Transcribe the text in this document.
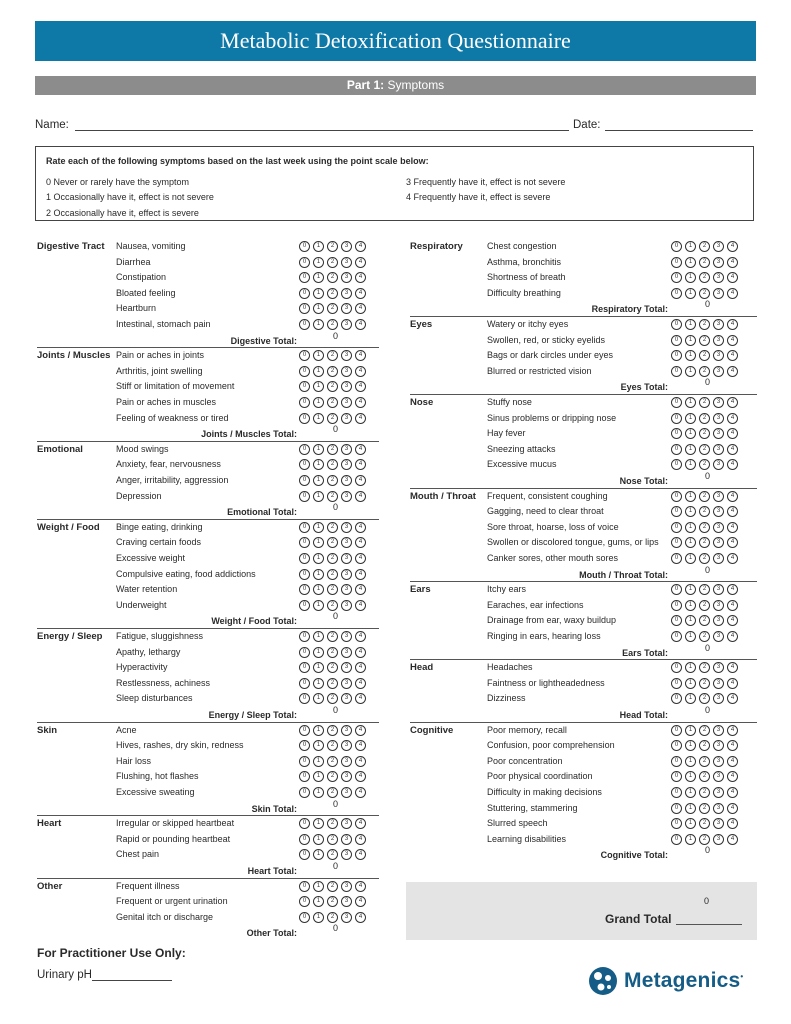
Metabolic Detoxification Questionnaire
Part 1: Symptoms
Name:	Date:
Rate each of the following symptoms based on the last week using the point scale below:
0 Never or rarely have the symptom
1 Occasionally have it, effect is not severe
2 Occasionally have it, effect is severe
3 Frequently have it, effect is not severe
4 Frequently have it, effect is severe
Digestive Tract Nausea, vomiting	0	1	2	3	4
Diarrhea	0	1	2	3	4
Constipation	0	1	2	3	4
Bloated feeling	0	1	2	3	4
Heartburn	0	1	2	3	4
Intestinal, stomach pain	0	1	2	3	4
Digestive Total:	0
Joints / Muscles Pain or aches in joints	0	1	2	3	4
Arthritis, joint swelling	0	1	2	3	4
Stiff or limitation of movement	0	1	2	3	4
Pain or aches in muscles	0	1	2	3	4
Feeling of weakness or tired	0	1	2	3	4
Joints / Muscles Total:	0
Emotional	Mood swings	0	1	2	3	4
Anxiety, fear, nervousness	0	1	2	3	4
Anger, irritability, aggression	0	1	2	3	4
Depression	0	1	2	3	4
Emotional Total:	0
Weight / Food Binge eating, drinking	0	1	2	3	4
Craving certain foods	0	1	2	3	4
Excessive weight	0	1	2	3	4
Compulsive eating, food addictions	0	1	2	3	4
Water retention	0	1	2	3	4
Underweight	0	1	2	3	4
Weight / Food Total:	0
Energy / Sleep Fatigue, sluggishness	0	1	2	3	4
Apathy, lethargy	0	1	2	3	4
Hyperactivity	0	1	2	3	4
Restlessness, achiness	0	1	2	3	4
Sleep disturbances	0	1	2	3	4
Energy / Sleep Total:	0
Skin	Acne	0	1	2	3	4
Hives, rashes, dry skin, redness	0	1	2	3	4
Hair loss	0	1	2	3	4
Flushing, hot flashes	0	1	2	3	4
Excessive sweating	0	1	2	3	4
Skin Total:	0
Heart	Irregular or skipped heartbeat	0	1	2	3	4
Rapid or pounding heartbeat	0	1	2	3	4
Chest pain	0	1	2	3	4
Heart Total:	0
Other	Frequent illness	0	1	2	3	4
Frequent or urgent urination	0	1	2	3	4
Genital itch or discharge	0	1	2	3	4
Other Total:	0
Respiratory	Chest congestion	0	1	2	3	4
Asthma, bronchitis	0	1	2	3	4
Shortness of breath	0	1	2	3	4
Difficulty breathing	0	1	2	3	4
Respiratory Total:	0
Eyes	Watery or itchy eyes	0	1	2	3	4
Swollen, red, or sticky eyelids	0	1	2	3	4
Bags or dark circles under eyes	0	1	2	3	4
Blurred or restricted vision	0	1	2	3	4
Eyes Total:	0
Nose	Stuffy nose	0	1	2	3	4
Sinus problems or dripping nose	0	1	2	3	4
Hay fever	0	1	2	3	4
Sneezing attacks	0	1	2	3	4
Excessive mucus	0	1	2	3	4
Nose Total:	0
Mouth / Throat Frequent, consistent coughing	0	1	2	3	4
Gagging, need to clear throat	0	1	2	3	4
Sore throat, hoarse, loss of voice	0	1	2	3	4
Swollen or discolored tongue, gums, or lips	0	1	2	3	4
Canker sores, other mouth sores	0	1	2	3	4
Mouth / Throat Total:	0
Ears	Itchy ears	0	1	2	3	4
Earaches, ear infections	0	1	2	3	4
Drainage from ear, waxy buildup	0	1	2	3	4
Ringing in ears, hearing loss	0	1	2	3	4
Ears Total:	0
Head	Headaches	0	1	2	3	4
Faintness or lightheadedness	0	1	2	3	4
Dizziness	0	1	2	3	4
Head Total:	0
Cognitive	Poor memory, recall	0	1	2	3	4
Confusion, poor comprehension	0	1	2	3	4
Poor concentration	0	1	2	3	4
Poor physical coordination	0	1	2	3	4
Difficulty in making decisions	0	1	2	3	4
Stuttering, stammering	0	1	2	3	4
Slurred speech	0	1	2	3	4
Learning disabilities	0	1	2	3	4
Cognitive Total:	0
0
Grand Total
For Practitioner Use Only:
Urinary pH	Metagenics•
